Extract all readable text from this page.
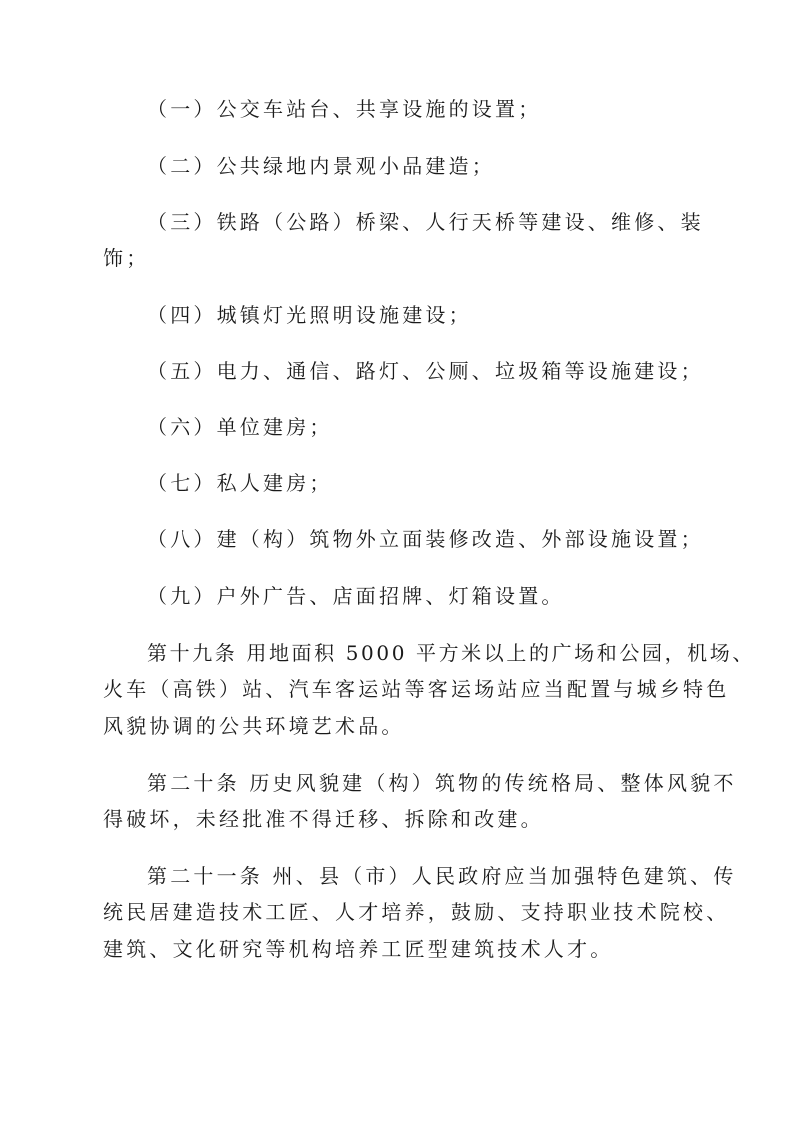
（一）公交车站台、共享设施的设置；

（二）公共绿地内景观小品建造；

（三）铁路（公路）桥梁、人行天桥等建设、维修、装

饰；

（四）城镇灯光照明设施建设；

（五）电力、通信、路灯、公厕、垃圾箱等设施建设；

（六）单位建房；

（七）私人建房；

（八）建（构）筑物外立面装修改造、外部设施设置；

（九）户外广告、店面招牌、灯箱设置。

第十九条 用地面积 5000 平方米以上的广场和公园，机场、

火车（高铁）站、汽车客运站等客运场站应当配置与城乡特色

风貌协调的公共环境艺术品。

第二十条 历史风貌建（构）筑物的传统格局、整体风貌不

得破坏，未经批准不得迁移、拆除和改建。

第二十一条 州、县（市）人民政府应当加强特色建筑、传

统民居建造技术工匠、人才培养，鼓励、支持职业技术院校、

建筑、文化研究等机构培养工匠型建筑技术人才。
